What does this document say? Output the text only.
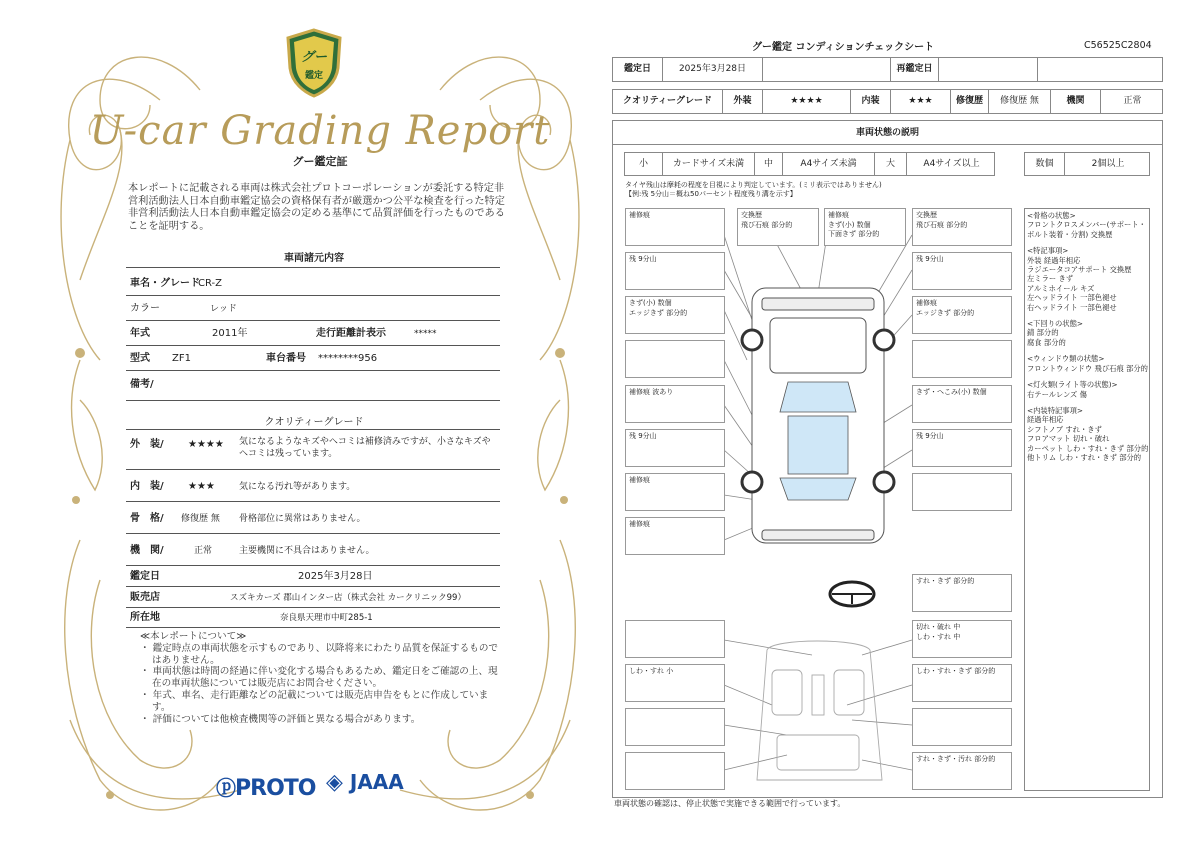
グー
鑑定
U-car Grading Report
グー鑑定証
本レポートに記載される車両は株式会社プロトコーポレーションが委託する特定非営利活動法人日本自動車鑑定協会の資格保有者が厳選かつ公平な検査を行った特定非営利活動法人日本自動車鑑定協会の定める基準にて品質評価を行ったものであることを証明する。
車両諸元内容
車名・グレード
CR-Z
カラー	レッド
年式	2011年	走行距離計表示	*****
型式 ZF1	車台番号 ********956
備考/
クオリティーグレード
外　装/ ★★★★ 気になるようなキズやヘコミは補修済みですが、小さなキズやヘコミは残っています。
内　装/ ★★★	気になる汚れ等があります。
骨　格/ 修復歴 無 骨格部位に異常はありません。
機　関/	正常	主要機関に不具合はありません。
鑑定日	2025年3月28日
販売店	スズキカーズ 郡山インター店（株式会社 カークリニック99）
所在地	奈良県天理市中町285-1
≪本レポートについて≫
・ 鑑定時点の車両状態を示すものであり、以降将来にわたり品質を保証するものではありません。
・ 車両状態は時間の経過に伴い変化する場合もあるため、鑑定日をご確認の上、現在の車両状態については販売店にお問合せください。
・ 年式、車名、走行距離などの記載については販売店申告をもとに作成しています。
・ 評価については他検査機関等の評価と異なる場合があります。
ⓟPROTO ◈ JAAA
グー鑑定 コンディションチェックシート	C56525C2804
鑑定日	2025年3月28日	再鑑定日
クオリティーグレード	外装	★★★★	内装	★★★	修復歴	修復歴 無	機関	正常
車両状態の説明
小	カードサイズ未満	中	A4サイズ未満	大	A4サイズ以上	数個	2個以上
タイヤ残山は摩耗の程度を目視により判定しています。(ミリ表示ではありません)
【例:残 5分山＝概ね50パーセント程度残り溝を示す】
補修痕
残 9分山
きず(小) 数個
エッジきず 部分的
補修痕 波あり
残 9分山
補修痕
補修痕
交換歴
飛び石痕 部分的
補修痕
きず(小) 数個
下面きず 部分的
交換歴
飛び石痕 部分的
残 9分山
補修痕
エッジきず 部分的
きず・へこみ(小) 数個
残 9分山
すれ・きず 部分的
しわ・すれ 小
切れ・破れ 中
しわ・すれ 中
しわ・すれ・きず 部分的
すれ・きず・汚れ 部分的
<骨格の状態>
フロントクロスメンバー(サポート・ボルト装着・分割) 交換歴
<特記事項>
外装 経過年相応
ラジエータコアサポート 交換歴
左ミラー きず
アルミホイール キズ
左ヘッドライト 一部色褪せ
右ヘッドライト 一部色褪せ
<下回りの状態>
錆 部分的
腐食 部分的
<ウィンドウ類の状態>
フロントウィンドウ 飛び石痕 部分的
<灯火類(ライト等の状態)>
右テールレンズ 傷
<内装特記事項>
経過年相応
シフトノブ すれ・きず
フロアマット 切れ・破れ
カーペット しわ・すれ・きず 部分的
他トリム しわ・すれ・きず 部分的
車両状態の確認は、停止状態で実施できる範囲で行っています。
